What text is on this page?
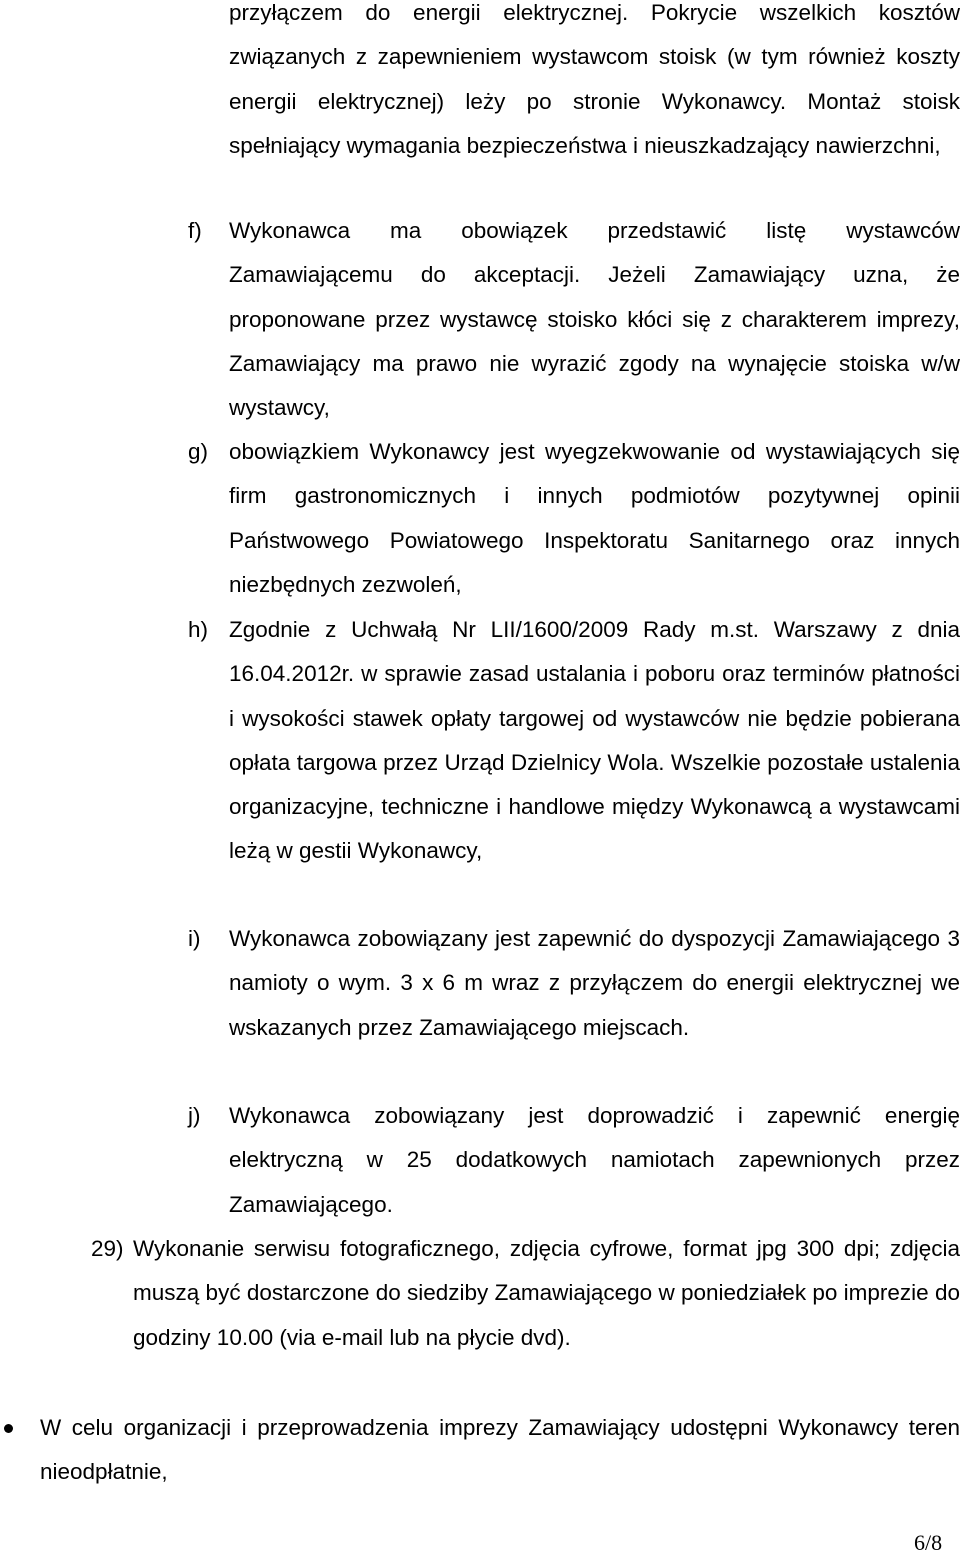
przyłączem do energii elektrycznej. Pokrycie wszelkich kosztów związanych z zapewnieniem wystawcom stoisk (w tym również koszty energii elektrycznej) leży po stronie Wykonawcy. Montaż stoisk spełniający wymagania bezpieczeństwa i nieuszkadzający nawierzchni,

f) Wykonawca ma obowiązek przedstawić listę wystawców Zamawiającemu do akceptacji. Jeżeli Zamawiający uzna, że proponowane przez wystawcę stoisko kłóci się z charakterem imprezy, Zamawiający ma prawo nie wyrazić zgody na wynajęcie stoiska w/w wystawcy,

g) obowiązkiem Wykonawcy jest wyegzekwowanie od wystawiających się firm gastronomicznych i innych podmiotów pozytywnej opinii Państwowego Powiatowego Inspektoratu Sanitarnego oraz innych niezbędnych zezwoleń,

h) Zgodnie z Uchwałą Nr LII/1600/2009 Rady m.st. Warszawy z dnia 16.04.2012r. w sprawie zasad ustalania i poboru oraz terminów płatności i wysokości stawek opłaty targowej od wystawców nie będzie pobierana opłata targowa przez Urząd Dzielnicy Wola. Wszelkie pozostałe ustalenia organizacyjne, techniczne i handlowe między Wykonawcą a wystawcami leżą w gestii Wykonawcy,

i) Wykonawca zobowiązany jest zapewnić do dyspozycji Zamawiającego 3 namioty o wym. 3 x 6 m wraz z przyłączem do energii elektrycznej we wskazanych przez Zamawiającego miejscach.

j) Wykonawca zobowiązany jest doprowadzić i zapewnić energię elektryczną w 25 dodatkowych namiotach zapewnionych przez Zamawiającego.

29) Wykonanie serwisu fotograficznego, zdjęcia cyfrowe, format jpg 300 dpi; zdjęcia muszą być dostarczone do siedziby Zamawiającego w poniedziałek po imprezie do godziny 10.00 (via e-mail lub na płycie dvd).

W celu organizacji i przeprowadzenia imprezy Zamawiający udostępni Wykonawcy teren nieodpłatnie,

6/8
